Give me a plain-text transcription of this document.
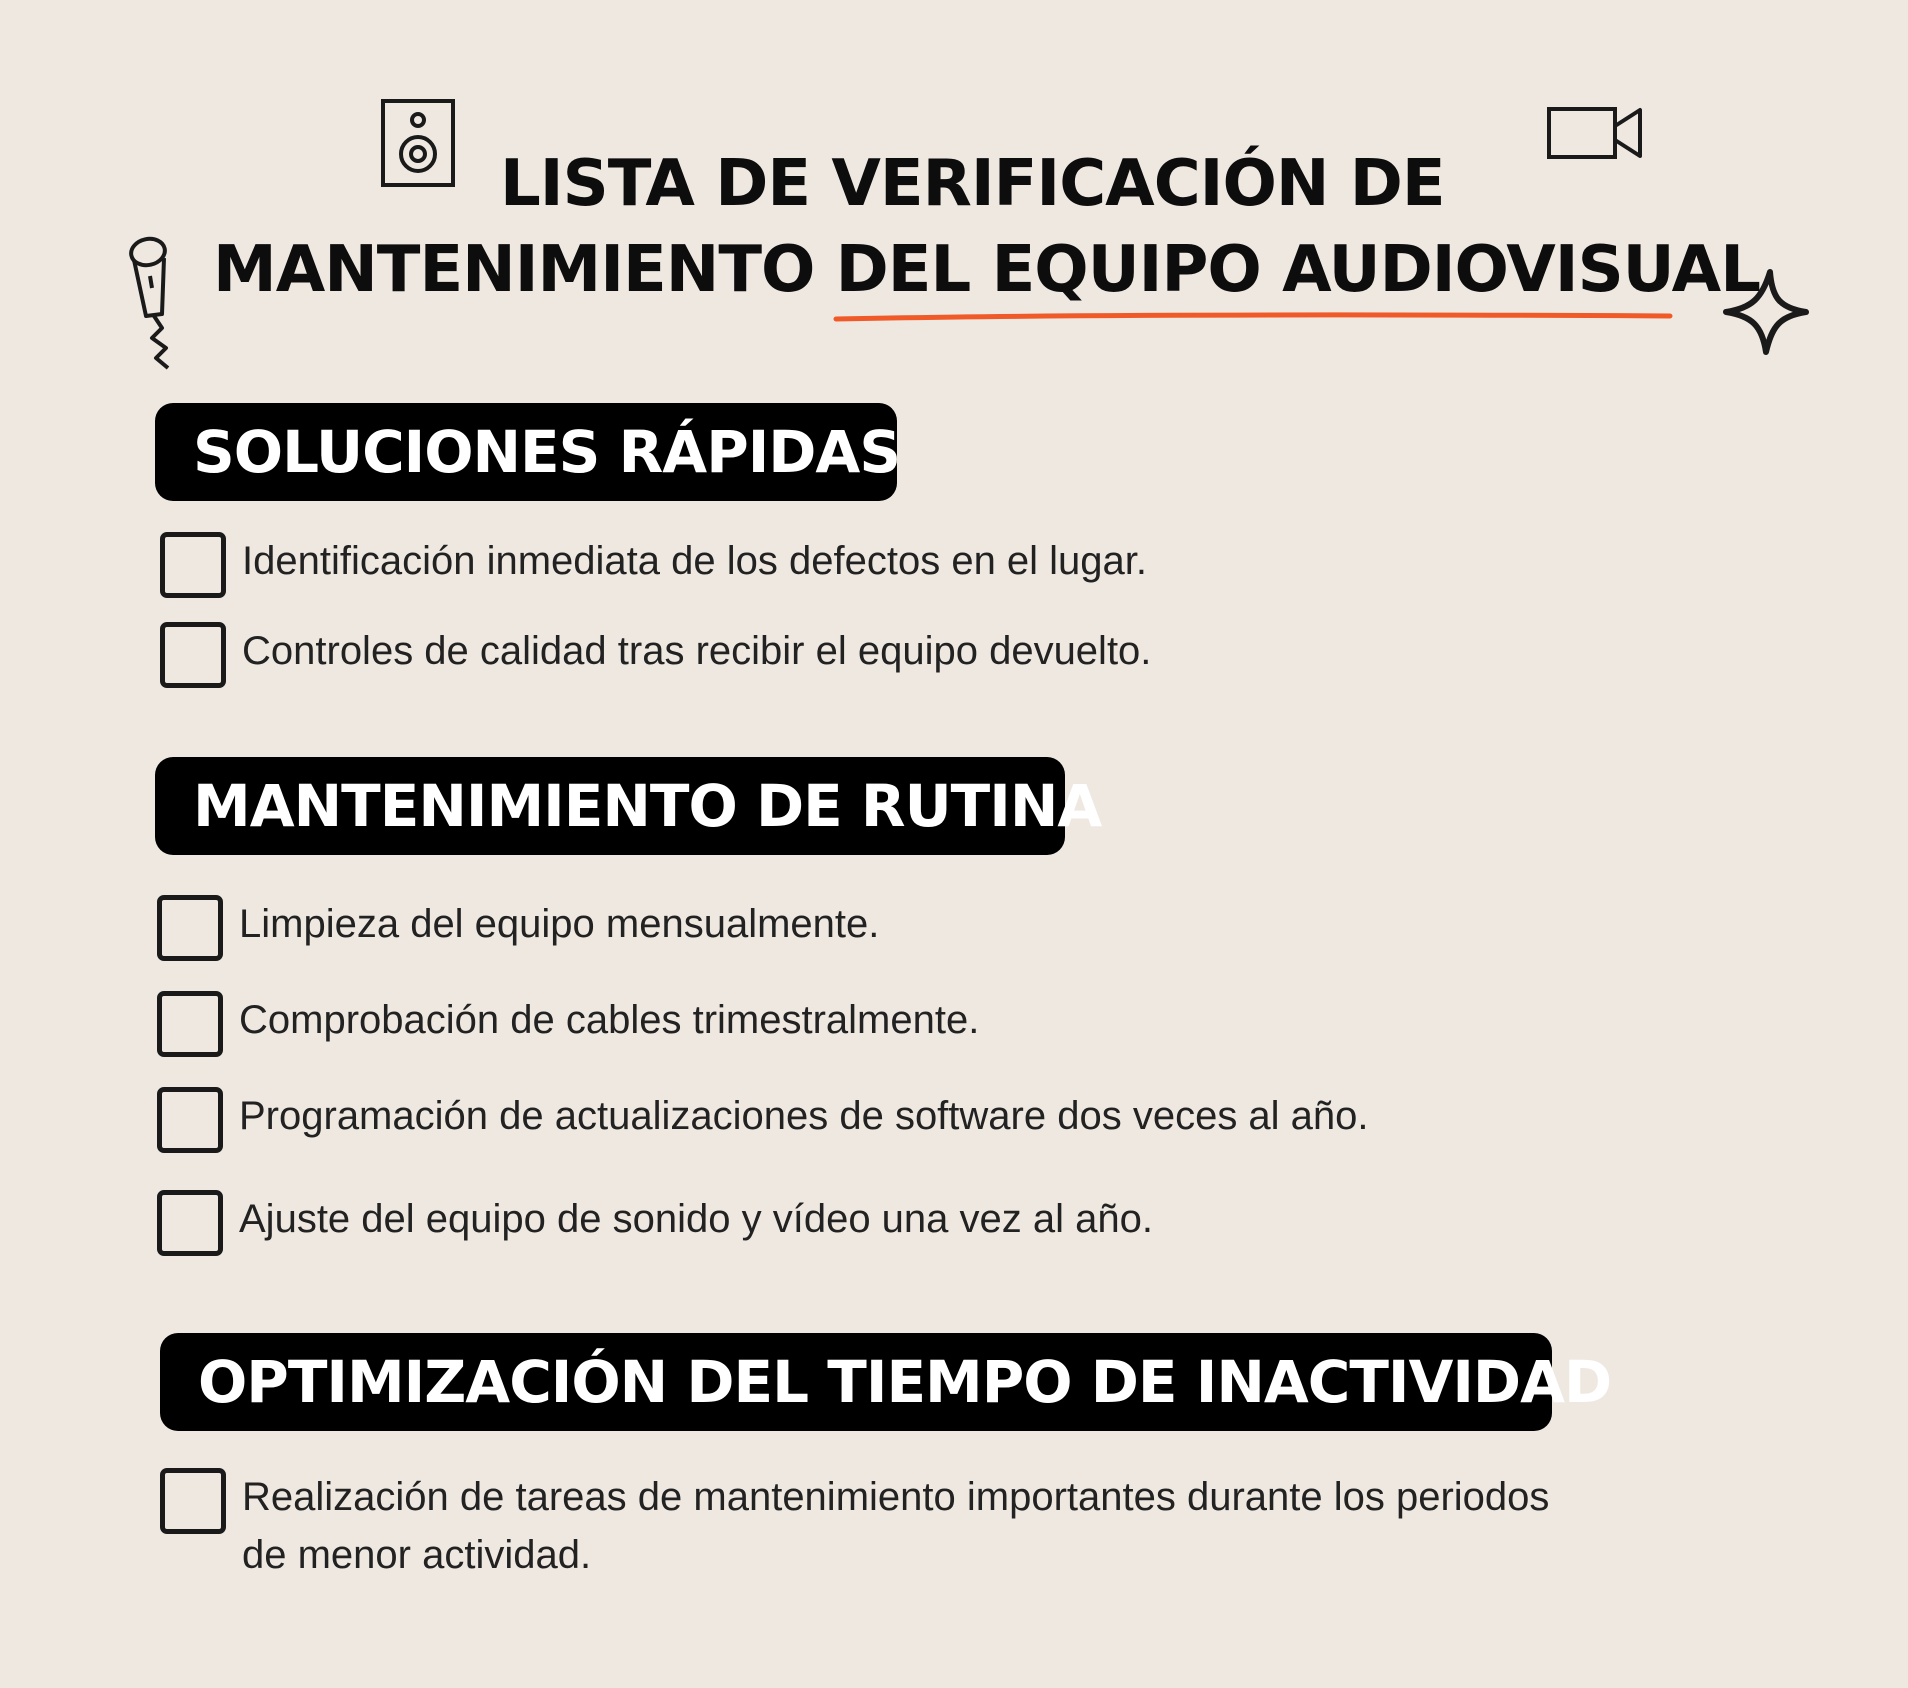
LISTA DE VERIFICACIÓN DE
MANTENIMIENTO DEL EQUIPO AUDIOVISUAL
SOLUCIONES RÁPIDAS
Identificación inmediata de los defectos en el lugar.
Controles de calidad tras recibir el equipo devuelto.
MANTENIMIENTO DE RUTINA
Limpieza del equipo mensualmente.
Comprobación de cables trimestralmente.
Programación de actualizaciones de software dos veces al año.
Ajuste del equipo de sonido y vídeo una vez al año.
OPTIMIZACIÓN DEL TIEMPO DE INACTIVIDAD
Realización de tareas de mantenimiento importantes durante los periodos de menor actividad.
